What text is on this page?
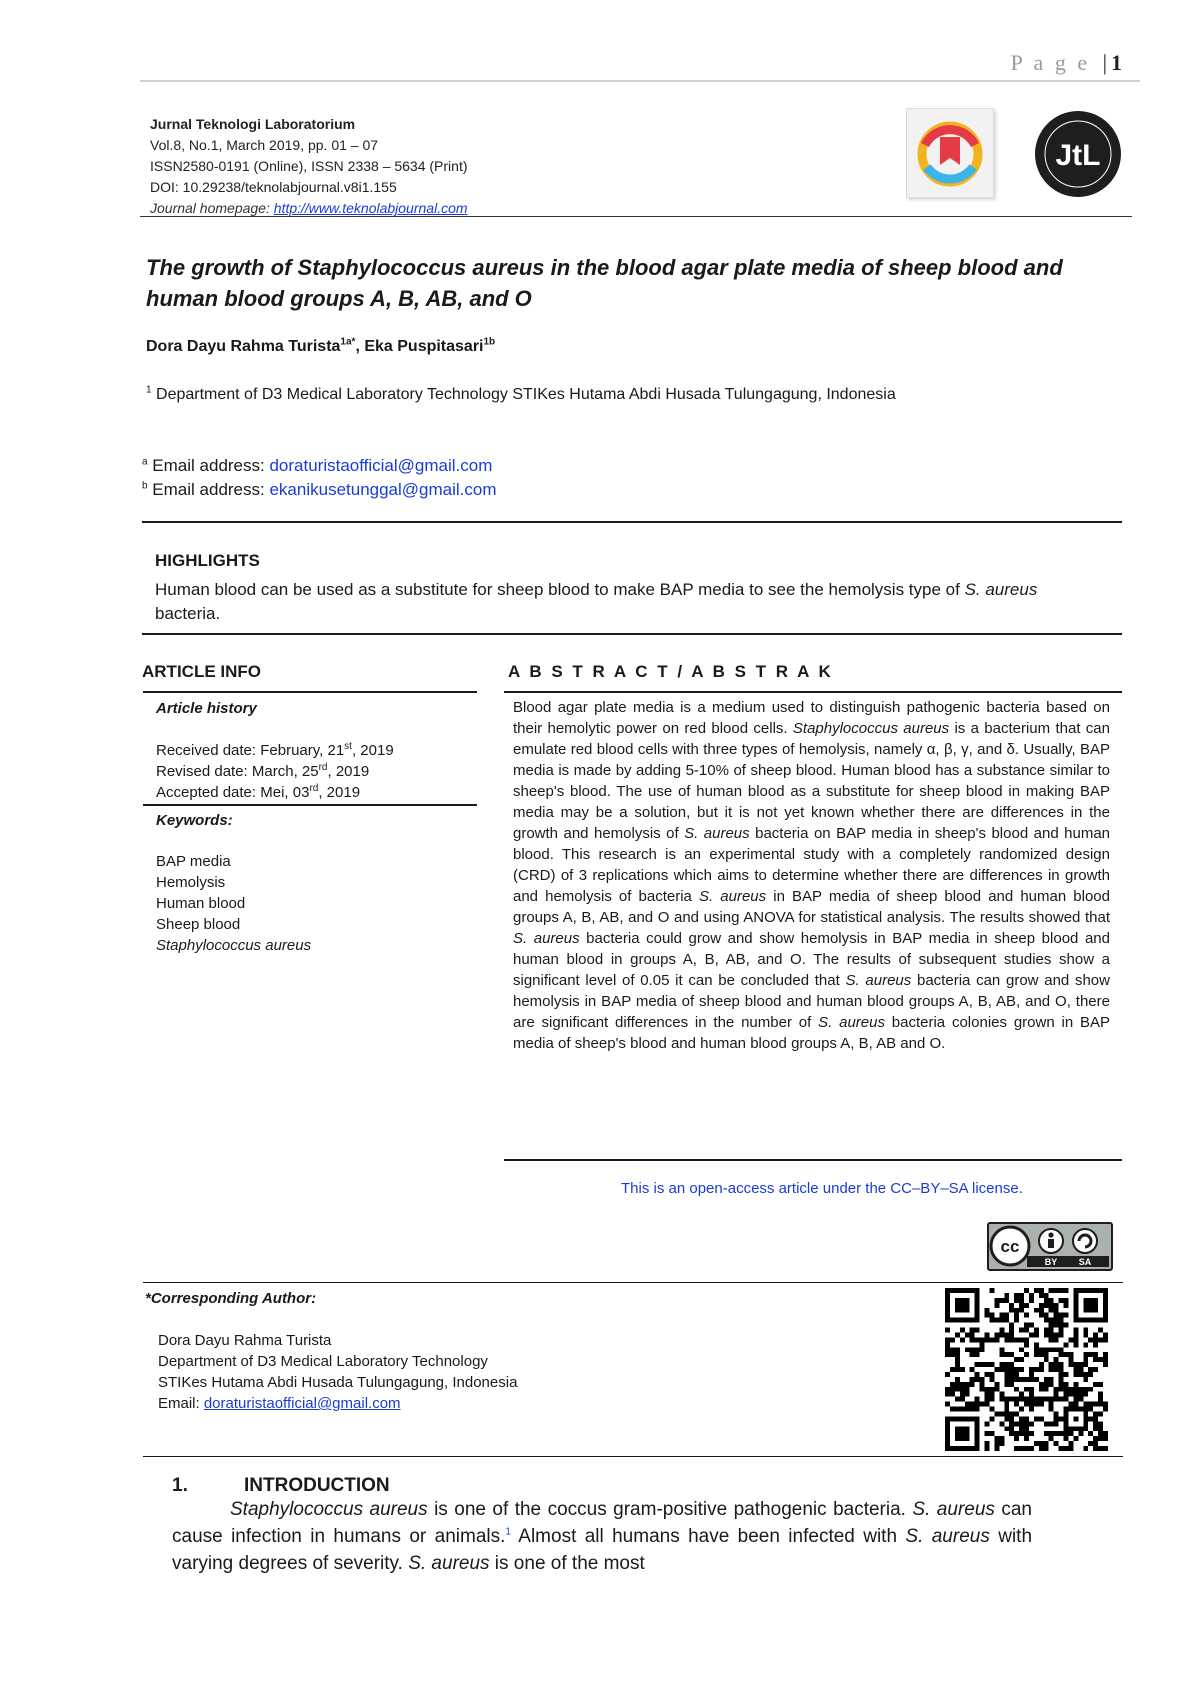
P a g e | 1
Jurnal Teknologi Laboratorium
Vol.8, No.1, March 2019, pp. 01 – 07
ISSN2580-0191 (Online), ISSN 2338 – 5634 (Print)
DOI: 10.29238/teknolabjournal.v8i1.155
Journal homepage: http://www.teknolabjournal.com
JtL
The growth of Staphylococcus aureus in the blood agar plate media of sheep blood and human blood groups A, B, AB, and O
Dora Dayu Rahma Turista$^{1a*}$, Eka Puspitasari$^{1b}$
$^1$ Department of D3 Medical Laboratory Technology STIKes Hutama Abdi Husada Tulungagung, Indonesia
$^a$ Email address: doraturistaofficial@gmail.com
$^b$ Email address: ekanikusetunggal@gmail.com
HIGHLIGHTS
Human blood can be used as a substitute for sheep blood to make BAP media to see the hemolysis type of S. aureus bacteria.
ARTICLE INFO
Article history
Received date: February, 21st, 2019
Revised date: March, 25rd, 2019
Accepted date: Mei, 03rd, 2019
Keywords:
BAP media
Hemolysis
Human blood
Sheep blood
Staphylococcus aureus
A B S T R A C T / A B S T R A K
Blood agar plate media is a medium used to distinguish pathogenic bacteria based on their hemolytic power on red blood cells. Staphylococcus aureus is a bacterium that can emulate red blood cells with three types of hemolysis, namely α, β, γ, and δ. Usually, BAP media is made by adding 5-10% of sheep blood. Human blood has a substance similar to sheep's blood. The use of human blood as a substitute for sheep blood in making BAP media may be a solution, but it is not yet known whether there are differences in the growth and hemolysis of S. aureus bacteria on BAP media in sheep's blood and human blood. This research is an experimental study with a completely randomized design (CRD) of 3 replications which aims to determine whether there are differences in growth and hemolysis of bacteria S. aureus in BAP media of sheep blood and human blood groups A, B, AB, and O and using ANOVA for statistical analysis. The results showed that S. aureus bacteria could grow and show hemolysis in BAP media in sheep blood and human blood in groups A, B, AB, and O. The results of subsequent studies show a significant level of 0.05 it can be concluded that S. aureus bacteria can grow and show hemolysis in BAP media of sheep blood and human blood groups A, B, AB, and O, there are significant differences in the number of S. aureus bacteria colonies grown in BAP media of sheep's blood and human blood groups A, B, AB and O.
This is an open-access article under the CC–BY–SA license.
cc
BY SA
*Corresponding Author:
Dora Dayu Rahma Turista
Department of D3 Medical Laboratory Technology
STIKes Hutama Abdi Husada Tulungagung, Indonesia
Email: doraturistaofficial@gmail.com
1.	INTRODUCTION
Staphylococcus aureus is one of the coccus gram-positive pathogenic bacteria. S. aureus can cause infection in humans or animals.$^1$ Almost all humans have been infected with S. aureus with varying degrees of severity. S. aureus is one of the most
